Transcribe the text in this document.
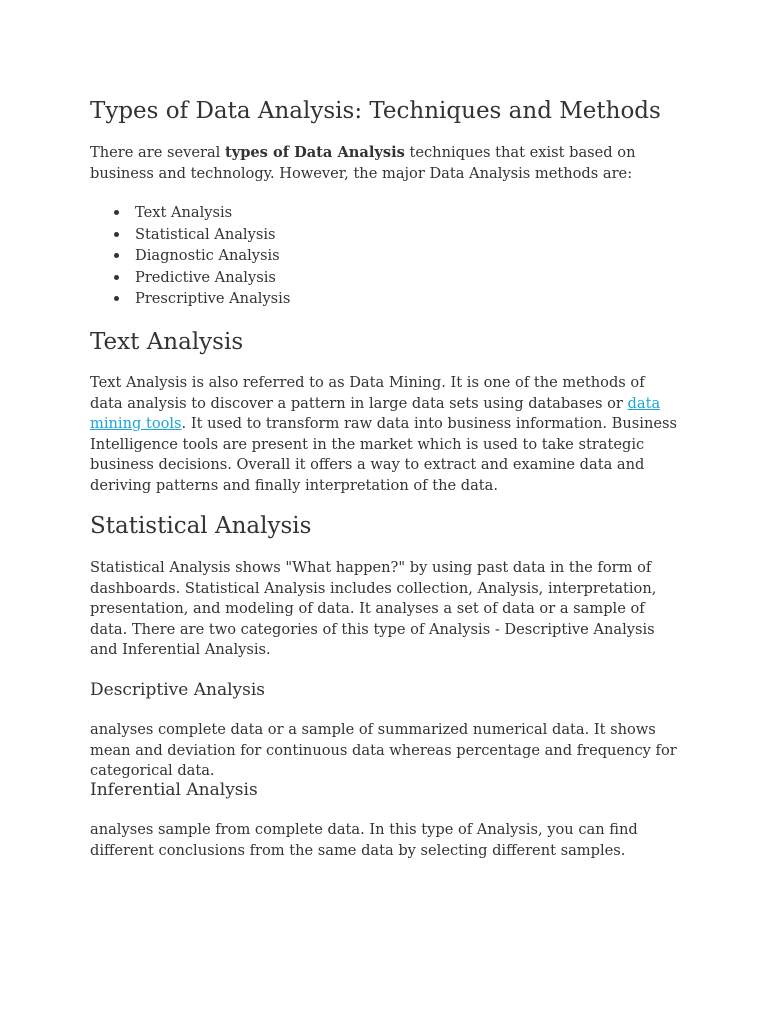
Types of Data Analysis: Techniques and Methods

There are several types of Data Analysis techniques that exist based on business and technology. However, the major Data Analysis methods are:

Text Analysis
Statistical Analysis
Diagnostic Analysis
Predictive Analysis
Prescriptive Analysis
Text Analysis

Text Analysis is also referred to as Data Mining. It is one of the methods of data analysis to discover a pattern in large data sets using databases or data mining tools. It used to transform raw data into business information. Business Intelligence tools are present in the market which is used to take strategic business decisions. Overall it offers a way to extract and examine data and deriving patterns and finally interpretation of the data.

Statistical Analysis

Statistical Analysis shows "What happen?" by using past data in the form of dashboards. Statistical Analysis includes collection, Analysis, interpretation, presentation, and modeling of data. It analyses a set of data or a sample of data. There are two categories of this type of Analysis - Descriptive Analysis and Inferential Analysis.

Descriptive Analysis

analyses complete data or a sample of summarized numerical data. It shows mean and deviation for continuous data whereas percentage and frequency for categorical data.

Inferential Analysis

analyses sample from complete data. In this type of Analysis, you can find different conclusions from the same data by selecting different samples.
